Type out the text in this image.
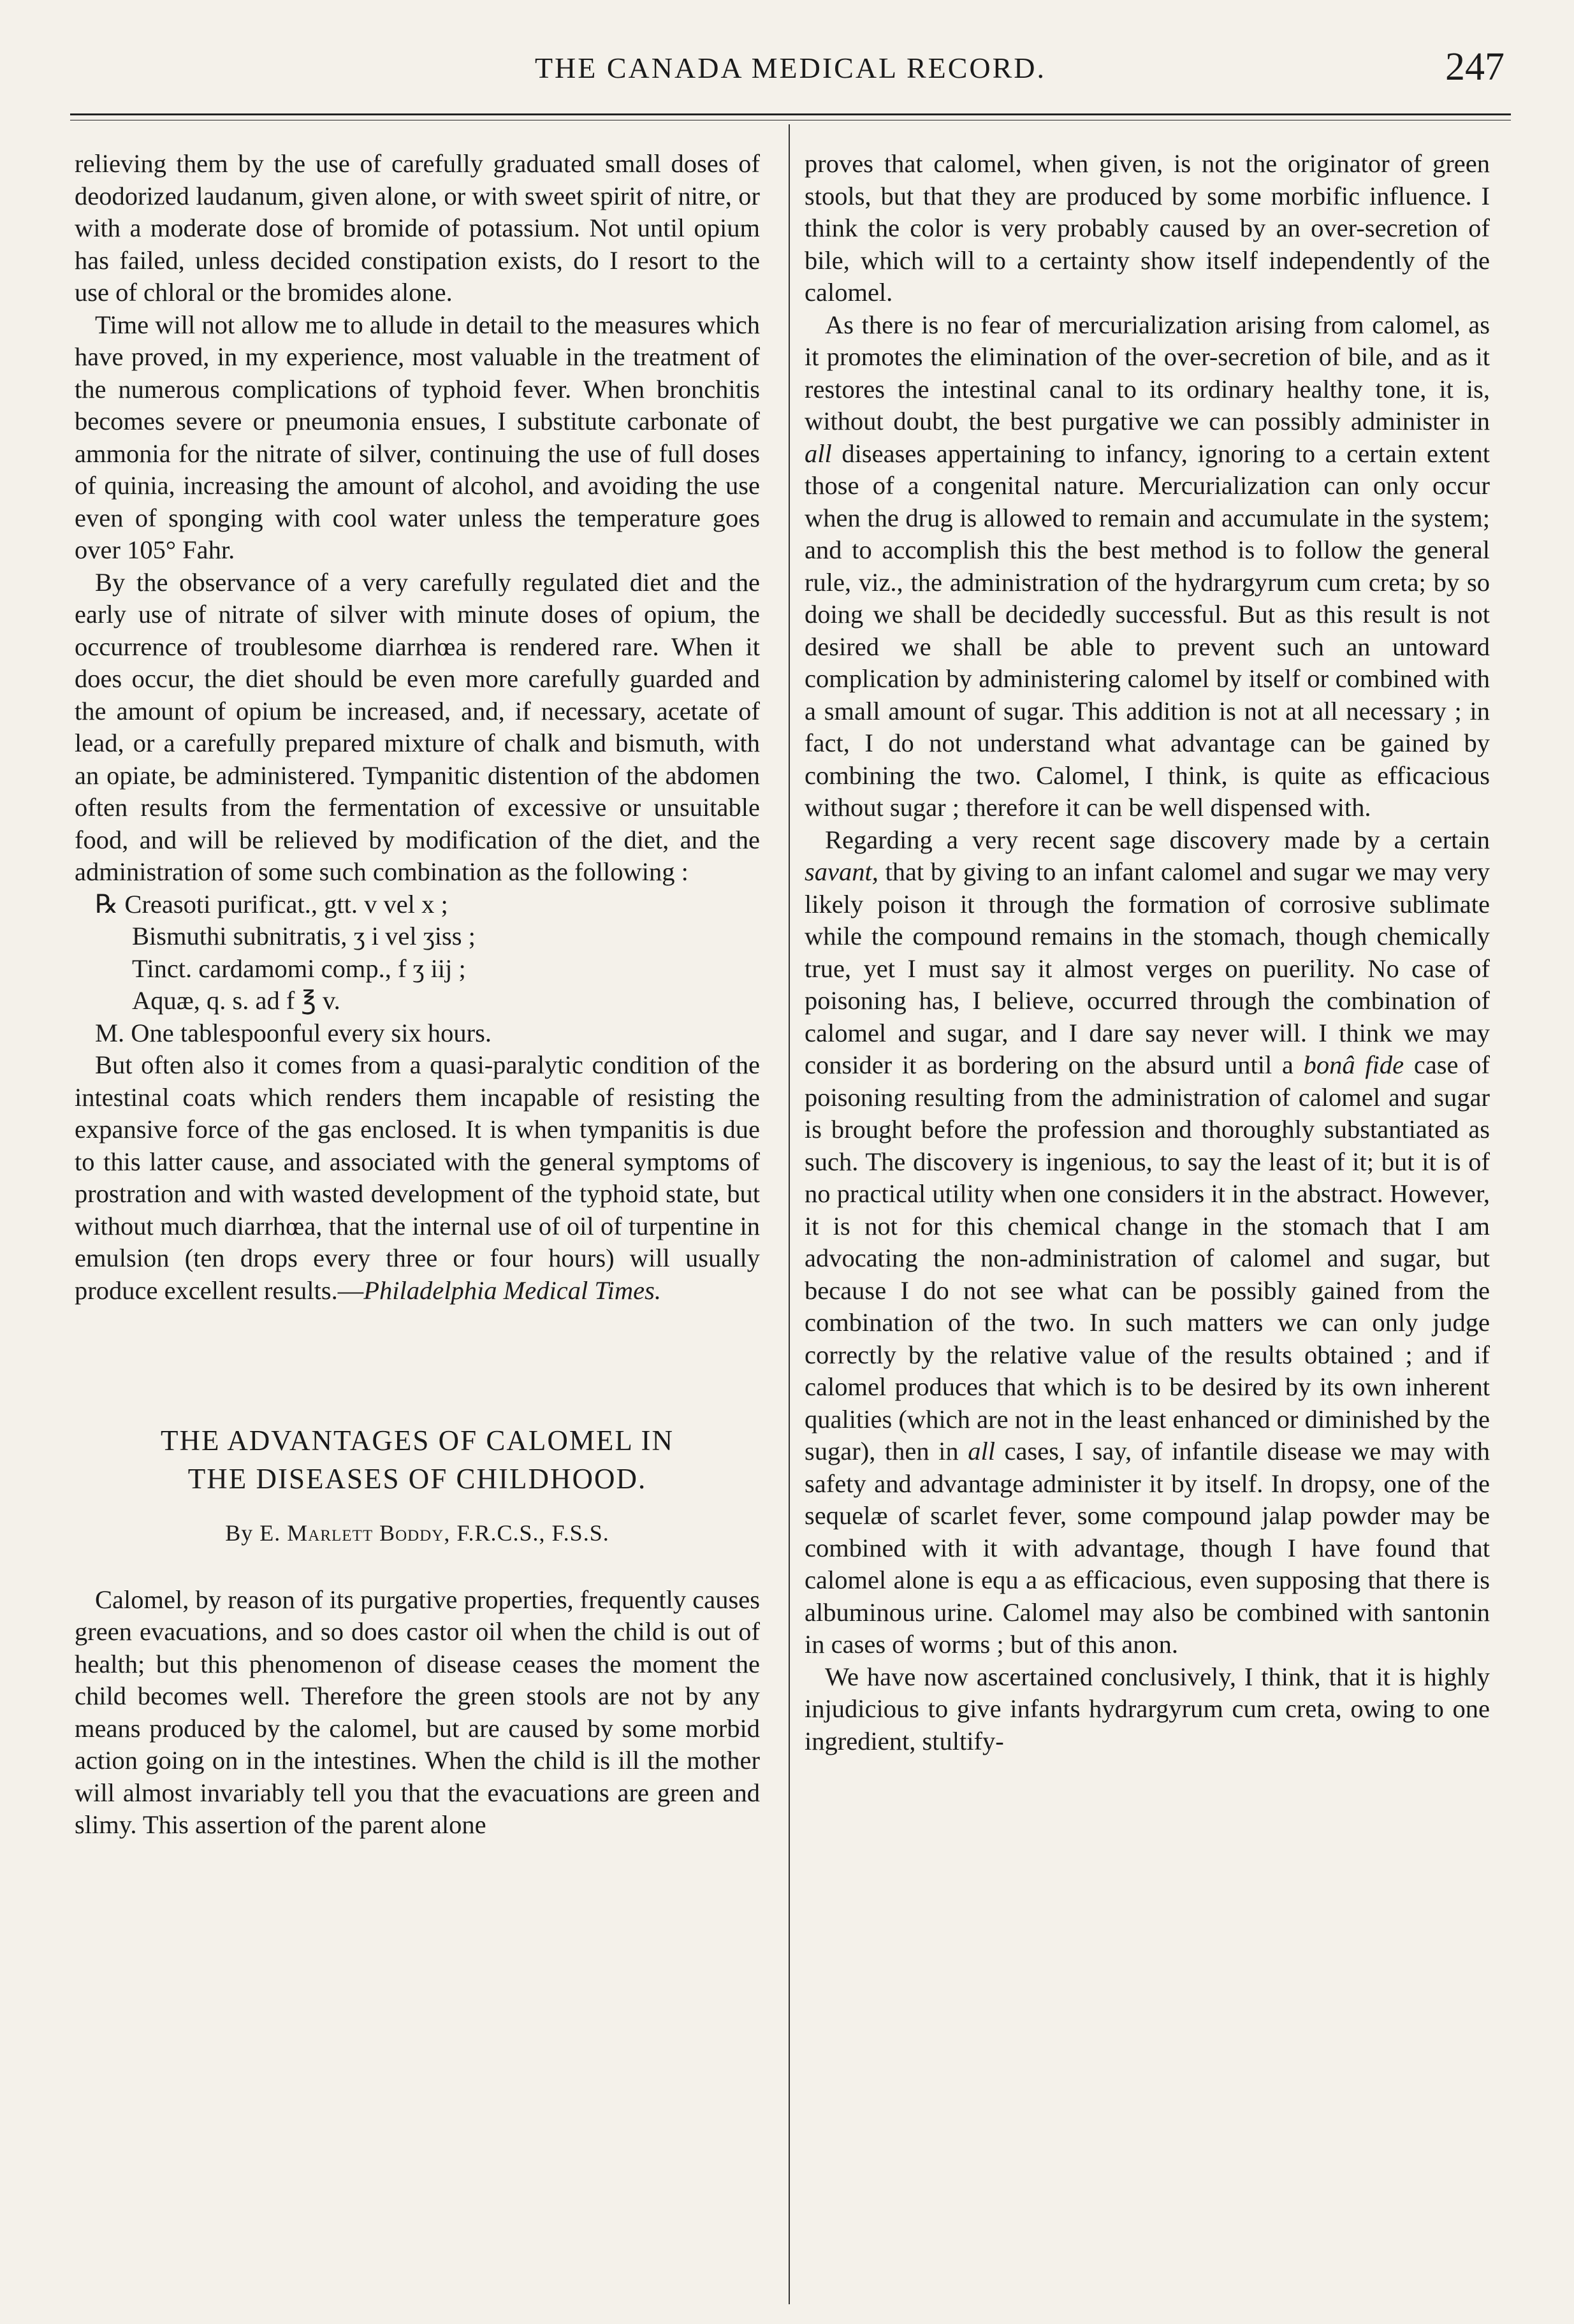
THE CANADA MEDICAL RECORD.	247

relieving them by the use of carefully graduated small doses of deodorized laudanum, given alone, or with sweet spirit of nitre, or with a moderate dose of bromide of potassium. Not until opium has failed, unless decided constipation exists, do I resort to the use of chloral or the bromides alone.

Time will not allow me to allude in detail to the measures which have proved, in my experience, most valuable in the treatment of the numerous complications of typhoid fever. When bronchitis becomes severe or pneumonia ensues, I substitute carbonate of ammonia for the nitrate of silver, continuing the use of full doses of quinia, increasing the amount of alcohol, and avoiding the use even of sponging with cool water unless the temperature goes over 105° Fahr.

By the observance of a very carefully regulated diet and the early use of nitrate of silver with minute doses of opium, the occurrence of troublesome diarrhœa is rendered rare. When it does occur, the diet should be even more carefully guarded and the amount of opium be increased, and, if necessary, acetate of lead, or a carefully prepared mixture of chalk and bismuth, with an opiate, be administered. Tympanitic distention of the abdomen often results from the fermentation of excessive or unsuitable food, and will be relieved by modification of the diet, and the administration of some such combination as the following :

℞ Creasoti purificat., gtt. v vel x ;
Bismuthi subnitratis, ʒ i vel ʒiss ;
Tinct. cardamomi comp., f ʒ iij ;
Aquæ, q. s. ad f ℥ v.
M. One tablespoonful every six hours.

But often also it comes from a quasi-paralytic condition of the intestinal coats which renders them incapable of resisting the expansive force of the gas enclosed. It is when tympanitis is due to this latter cause, and associated with the general symptoms of prostration and with wasted development of the typhoid state, but without much diarrhœa, that the internal use of oil of turpentine in emulsion (ten drops every three or four hours) will usually produce excellent results.—Philadelphia Medical Times.

THE ADVANTAGES OF CALOMEL IN
THE DISEASES OF CHILDHOOD.
By E. Marlett Boddy, F.R.C.S., F.S.S.

Calomel, by reason of its purgative properties, frequently causes green evacuations, and so does castor oil when the child is out of health; but this phenomenon of disease ceases the moment the child becomes well. Therefore the green stools are not by any means produced by the calomel, but are caused by some morbid action going on in the intestines. When the child is ill the mother will almost invariably tell you that the evacuations are green and slimy. This assertion of the parent alone

proves that calomel, when given, is not the originator of green stools, but that they are produced by some morbific influence. I think the color is very probably caused by an over-secretion of bile, which will to a certainty show itself independently of the calomel.

As there is no fear of mercurialization arising from calomel, as it promotes the elimination of the over-secretion of bile, and as it restores the intestinal canal to its ordinary healthy tone, it is, without doubt, the best purgative we can possibly administer in all diseases appertaining to infancy, ignoring to a certain extent those of a congenital nature. Mercurialization can only occur when the drug is allowed to remain and accumulate in the system; and to accomplish this the best method is to follow the general rule, viz., the administration of the hydrargyrum cum creta; by so doing we shall be decidedly successful. But as this result is not desired we shall be able to prevent such an untoward complication by administering calomel by itself or combined with a small amount of sugar. This addition is not at all necessary ; in fact, I do not understand what advantage can be gained by combining the two. Calomel, I think, is quite as efficacious without sugar ; therefore it can be well dispensed with.

Regarding a very recent sage discovery made by a certain savant, that by giving to an infant calomel and sugar we may very likely poison it through the formation of corrosive sublimate while the compound remains in the stomach, though chemically true, yet I must say it almost verges on puerility. No case of poisoning has, I believe, occurred through the combination of calomel and sugar, and I dare say never will. I think we may consider it as bordering on the absurd until a bonâ fide case of poisoning resulting from the administration of calomel and sugar is brought before the profession and thoroughly substantiated as such. The discovery is ingenious, to say the least of it; but it is of no practical utility when one considers it in the abstract. However, it is not for this chemical change in the stomach that I am advocating the non-administration of calomel and sugar, but because I do not see what can be possibly gained from the combination of the two. In such matters we can only judge correctly by the relative value of the results obtained ; and if calomel produces that which is to be desired by its own inherent qualities (which are not in the least enhanced or diminished by the sugar), then in all cases, I say, of infantile disease we may with safety and advantage administer it by itself. In dropsy, one of the sequelæ of scarlet fever, some compound jalap powder may be combined with it with advantage, though I have found that calomel alone is equ a as efficacious, even supposing that there is albuminous urine. Calomel may also be combined with santonin in cases of worms ; but of this anon.

We have now ascertained conclusively, I think, that it is highly injudicious to give infants hydrargyrum cum creta, owing to one ingredient, stultify-
